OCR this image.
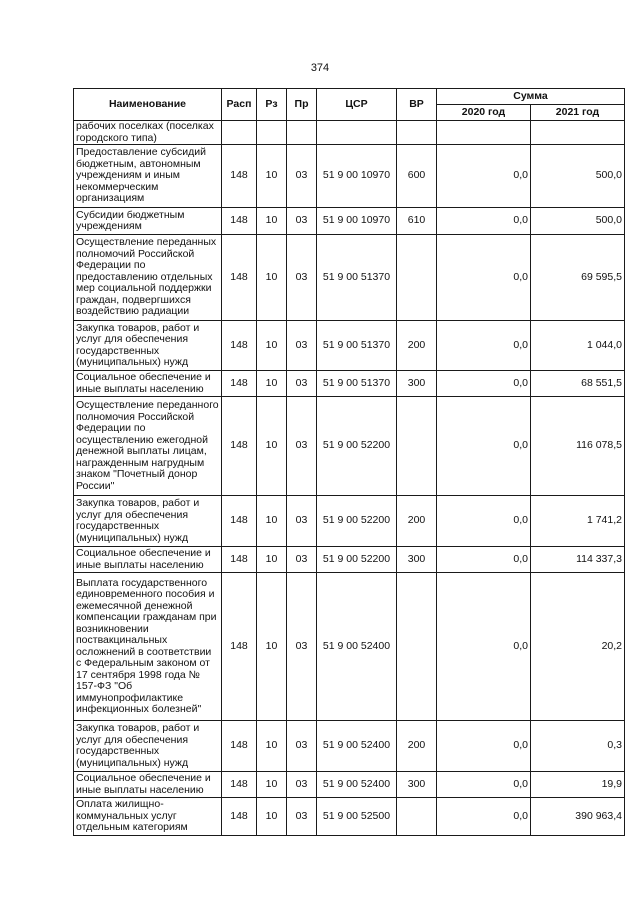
374
Наименование	Расп	Рз	Пр	ЦСР	ВР	Сумма	
						2020 год	2021 год
рабочих поселках (поселках городского типа)							
Предоставление субсидий бюджетным, автономным учреждениям и иным некоммерческим организациям	148	10	03	51 9 00 10970	600	0,0	500,0
Субсидии бюджетным учреждениям	148	10	03	51 9 00 10970	610	0,0	500,0
Осуществление переданных полномочий Российской Федерации по предоставлению отдельных мер социальной поддержки граждан, подвергшихся воздействию радиации	148	10	03	51 9 00 51370		0,0	69 595,5
Закупка товаров, работ и услуг для обеспечения государственных (муниципальных) нужд	148	10	03	51 9 00 51370	200	0,0	1 044,0
Социальное обеспечение и иные выплаты населению	148	10	03	51 9 00 51370	300	0,0	68 551,5
Осуществление переданного полномочия Российской Федерации по осуществлению ежегодной денежной выплаты лицам, награжденным нагрудным знаком "Почетный донор России"	148	10	03	51 9 00 52200		0,0	116 078,5
Закупка товаров, работ и услуг для обеспечения государственных (муниципальных) нужд	148	10	03	51 9 00 52200	200	0,0	1 741,2
Социальное обеспечение и иные выплаты населению	148	10	03	51 9 00 52200	300	0,0	114 337,3
Выплата государственного единовременного пособия и ежемесячной денежной компенсации гражданам при возникновении поствакцинальных осложнений в соответствии с Федеральным законом от 17 сентября 1998 года № 157-ФЗ "Об иммунопрофилактике инфекционных болезней"	148	10	03	51 9 00 52400		0,0	20,2
Закупка товаров, работ и услуг для обеспечения государственных (муниципальных) нужд	148	10	03	51 9 00 52400	200	0,0	0,3
Социальное обеспечение и иные выплаты населению	148	10	03	51 9 00 52400	300	0,0	19,9
Оплата жилищно-коммунальных услуг отдельным категориям	148	10	03	51 9 00 52500		0,0	390 963,4
